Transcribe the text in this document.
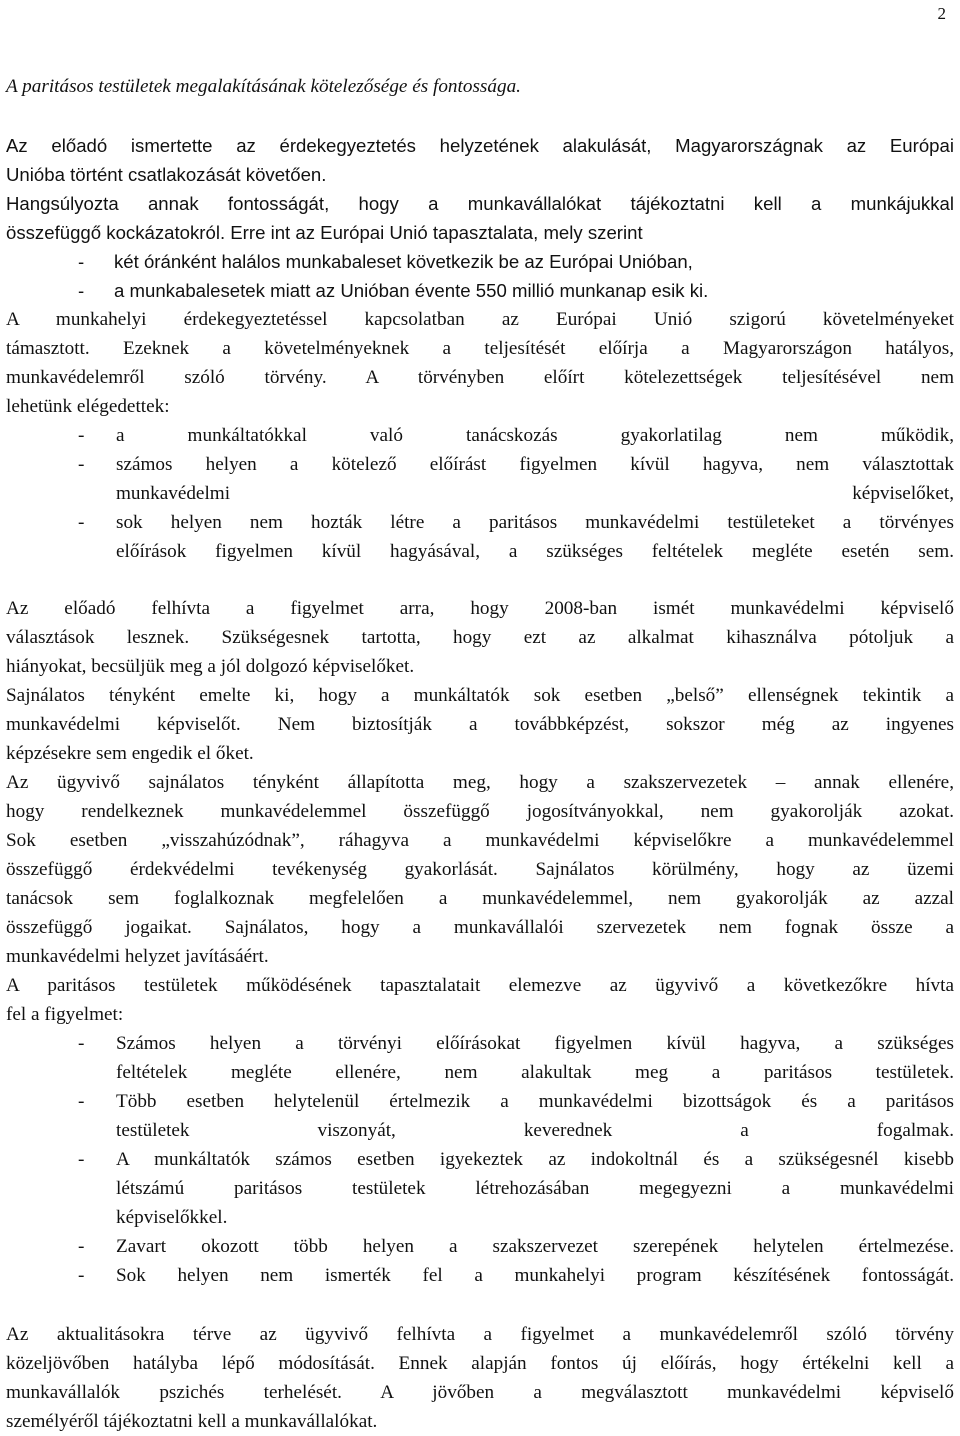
2
A paritásos testületek megalakításának kötelezősége és fontossága.
Az előadó ismertette az érdekegyeztetés helyzetének alakulását, Magyarországnak az Európai
Unióba történt csatlakozását követően.
Hangsúlyozta annak fontosságát, hogy a munkavállalókat tájékoztatni kell a munkájukkal
összefüggő kockázatokról. Erre int az Európai Unió tapasztalata, mely szerint
- két óránként halálos munkabaleset következik be az Európai Unióban,
- a munkabalesetek miatt az Unióban évente 550 millió munkanap esik ki.
A munkahelyi érdekegyeztetéssel kapcsolatban az Európai Unió szigorú követelményeket
támasztott. Ezeknek a követelményeknek a teljesítését előírja a Magyarországon hatályos,
munkavédelemről szóló törvény. A törvényben előírt kötelezettségek teljesítésével nem
lehetünk elégedettek:
- a munkáltatókkal való tanácskozás gyakorlatilag nem működik,
- számos helyen a kötelező előírást figyelmen kívül hagyva, nem választottak
munkavédelmi képviselőket,
- sok helyen nem hozták létre a paritásos munkavédelmi testületeket a törvényes
előírások figyelmen kívül hagyásával, a szükséges feltételek megléte esetén sem.
Az előadó felhívta a figyelmet arra, hogy 2008-ban ismét munkavédelmi képviselő
választások lesznek. Szükségesnek tartotta, hogy ezt az alkalmat kihasználva pótoljuk a
hiányokat, becsüljük meg a jól dolgozó képviselőket.
Sajnálatos tényként emelte ki, hogy a munkáltatók sok esetben „belső” ellenségnek tekintik a
munkavédelmi képviselőt. Nem biztosítják a továbbképzést, sokszor még az ingyenes
képzésekre sem engedik el őket.
Az ügyvivő sajnálatos tényként állapította meg, hogy a szakszervezetek – annak ellenére,
hogy rendelkeznek munkavédelemmel összefüggő jogosítványokkal, nem gyakorolják azokat.
Sok esetben „visszahúzódnak”, ráhagyva a munkavédelmi képviselőkre a munkavédelemmel
összefüggő érdekvédelmi tevékenység gyakorlását. Sajnálatos körülmény, hogy az üzemi
tanácsok sem foglalkoznak megfelelően a munkavédelemmel, nem gyakorolják az azzal
összefüggő jogaikat. Sajnálatos, hogy a munkavállalói szervezetek nem fognak össze a
munkavédelmi helyzet javításáért.
A paritásos testületek működésének tapasztalatait elemezve az ügyvivő a következőkre hívta
fel a figyelmet:
- Számos helyen a törvényi előírásokat figyelmen kívül hagyva, a szükséges
feltételek megléte ellenére, nem alakultak meg a paritásos testületek.
- Több esetben helytelenül értelmezik a munkavédelmi bizottságok és a paritásos
testületek viszonyát, keverednek a fogalmak.
- A munkáltatók számos esetben igyekeztek az indokoltnál és a szükségesnél kisebb
létszámú paritásos testületek létrehozásában megegyezni a munkavédelmi
képviselőkkel.
- Zavart okozott több helyen a szakszervezet szerepének helytelen értelmezése.
- Sok helyen nem ismerték fel a munkahelyi program készítésének fontosságát.
Az aktualitásokra térve az ügyvivő felhívta a figyelmet a munkavédelemről szóló törvény
közeljövőben hatályba lépő módosítását. Ennek alapján fontos új előírás, hogy értékelni kell a
munkavállalók pszichés terhelését. A jövőben a megválasztott munkavédelmi képviselő
személyéről tájékoztatni kell a munkavállalókat.
